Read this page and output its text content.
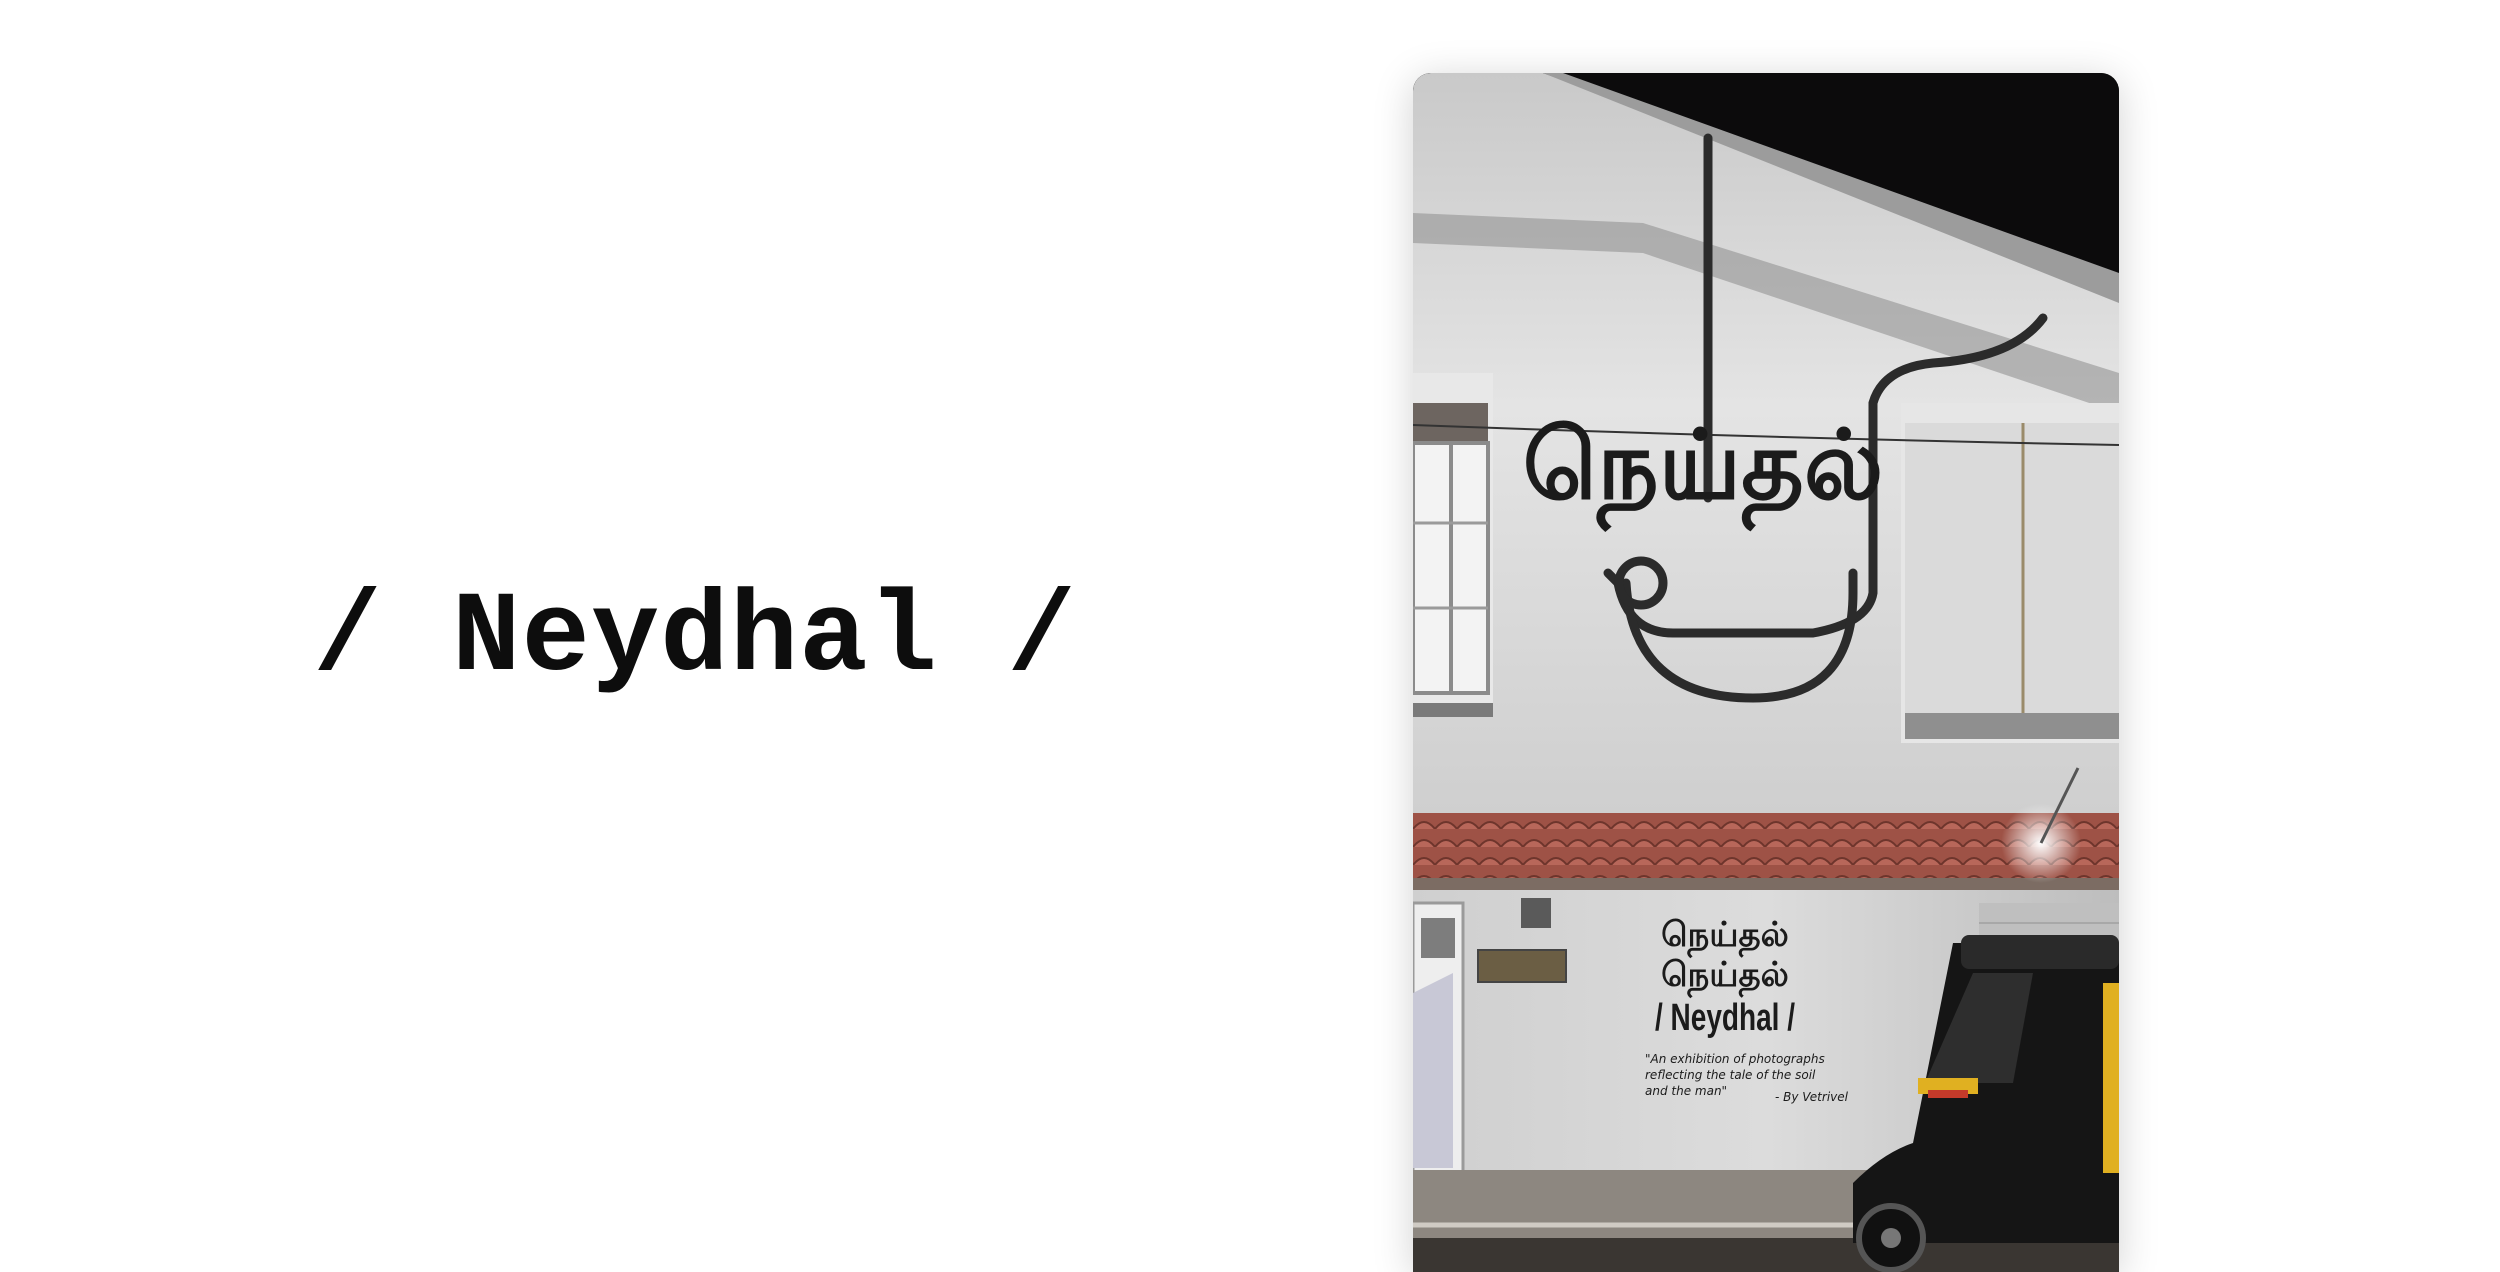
/ Neydhal /
நெய்தல்
நெய்தல்
நெய்தல்
/ Neydhal /
"An exhibition of photographs
reflecting the tale of the soil
and the man"	- By Vetrivel
